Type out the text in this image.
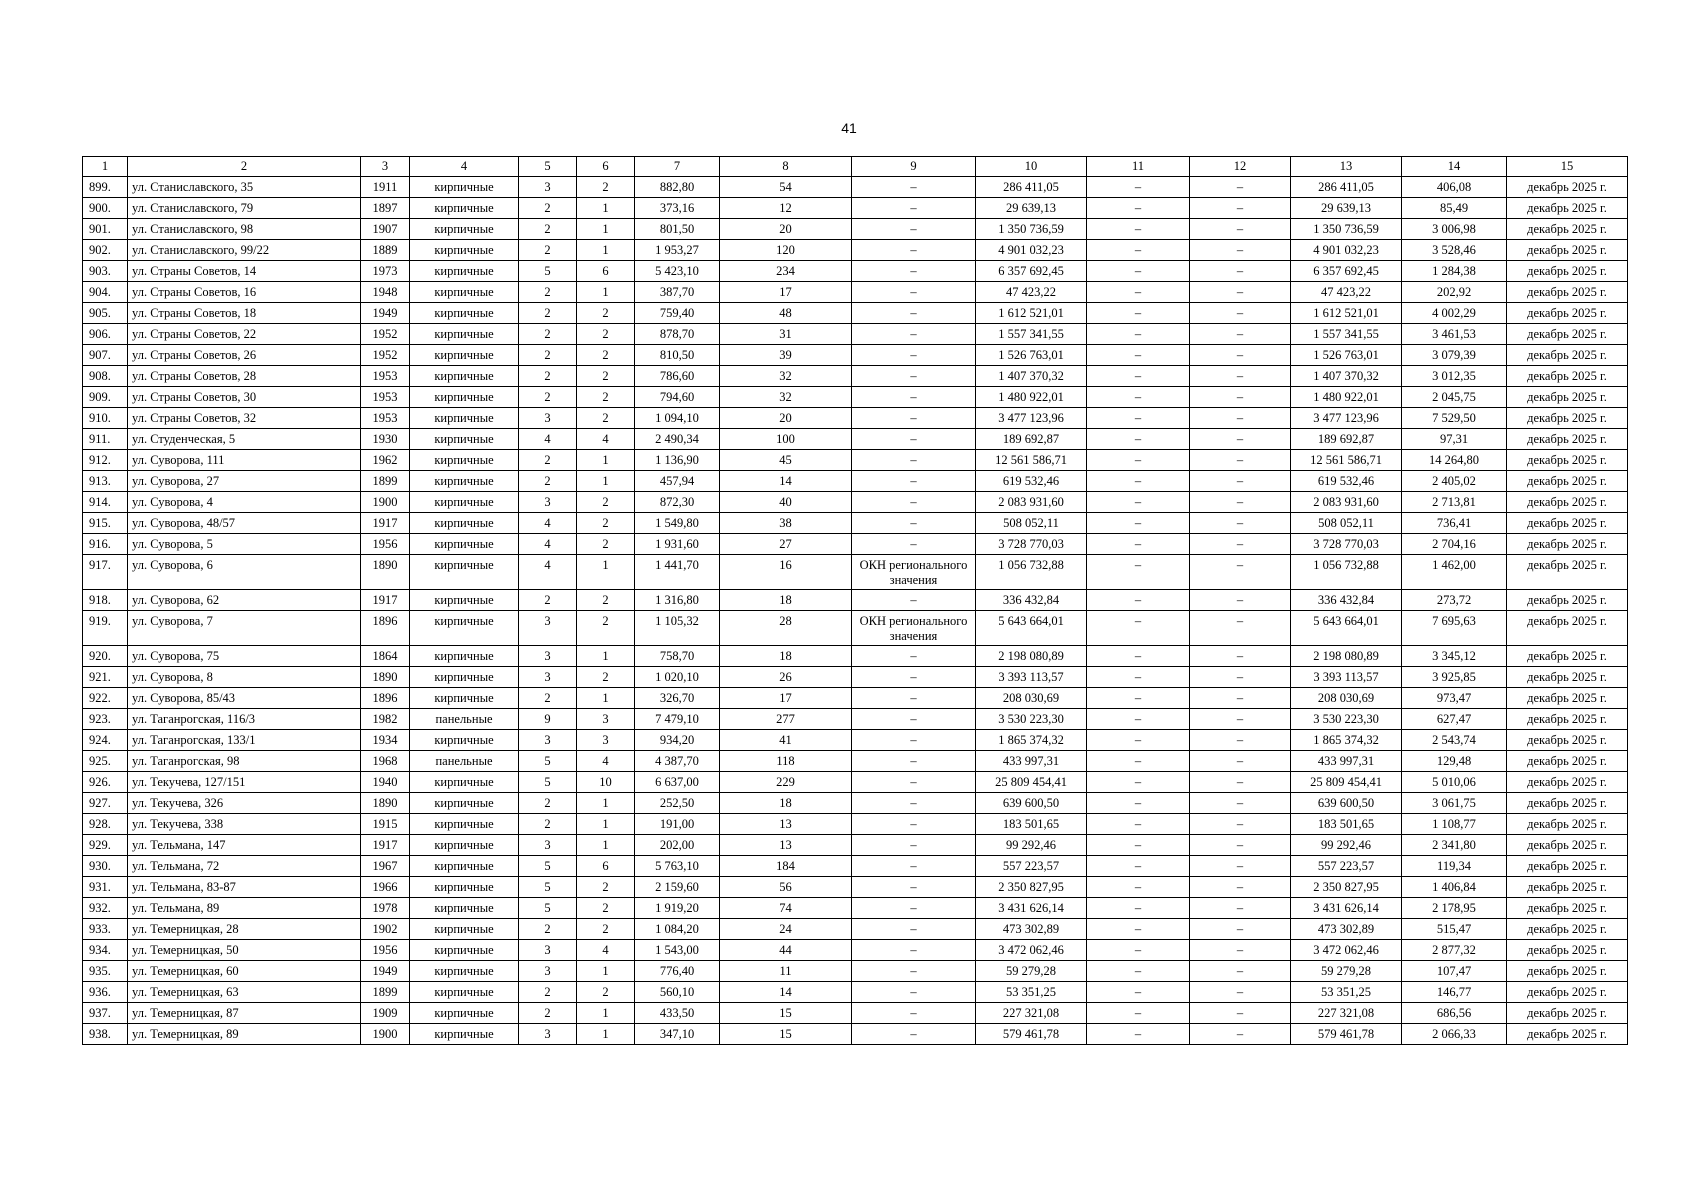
41
1	2	3	4	5	6	7	8	9	10	11	12	13	14	15
899.	ул. Станиславского, 35	1911	кирпичные	3	2	882,80	54	–	286 411,05	–	–	286 411,05	406,08	декабрь 2025 г.
900.	ул. Станиславского, 79	1897	кирпичные	2	1	373,16	12	–	29 639,13	–	–	29 639,13	85,49	декабрь 2025 г.
901.	ул. Станиславского, 98	1907	кирпичные	2	1	801,50	20	–	1 350 736,59	–	–	1 350 736,59	3 006,98	декабрь 2025 г.
902.	ул. Станиславского, 99/22	1889	кирпичные	2	1	1 953,27	120	–	4 901 032,23	–	–	4 901 032,23	3 528,46	декабрь 2025 г.
903.	ул. Страны Советов, 14	1973	кирпичные	5	6	5 423,10	234	–	6 357 692,45	–	–	6 357 692,45	1 284,38	декабрь 2025 г.
904.	ул. Страны Советов, 16	1948	кирпичные	2	1	387,70	17	–	47 423,22	–	–	47 423,22	202,92	декабрь 2025 г.
905.	ул. Страны Советов, 18	1949	кирпичные	2	2	759,40	48	–	1 612 521,01	–	–	1 612 521,01	4 002,29	декабрь 2025 г.
906.	ул. Страны Советов, 22	1952	кирпичные	2	2	878,70	31	–	1 557 341,55	–	–	1 557 341,55	3 461,53	декабрь 2025 г.
907.	ул. Страны Советов, 26	1952	кирпичные	2	2	810,50	39	–	1 526 763,01	–	–	1 526 763,01	3 079,39	декабрь 2025 г.
908.	ул. Страны Советов, 28	1953	кирпичные	2	2	786,60	32	–	1 407 370,32	–	–	1 407 370,32	3 012,35	декабрь 2025 г.
909.	ул. Страны Советов, 30	1953	кирпичные	2	2	794,60	32	–	1 480 922,01	–	–	1 480 922,01	2 045,75	декабрь 2025 г.
910.	ул. Страны Советов, 32	1953	кирпичные	3	2	1 094,10	20	–	3 477 123,96	–	–	3 477 123,96	7 529,50	декабрь 2025 г.
911.	ул. Студенческая, 5	1930	кирпичные	4	4	2 490,34	100	–	189 692,87	–	–	189 692,87	97,31	декабрь 2025 г.
912.	ул. Суворова, 111	1962	кирпичные	2	1	1 136,90	45	–	12 561 586,71	–	–	12 561 586,71	14 264,80	декабрь 2025 г.
913.	ул. Суворова, 27	1899	кирпичные	2	1	457,94	14	–	619 532,46	–	–	619 532,46	2 405,02	декабрь 2025 г.
914.	ул. Суворова, 4	1900	кирпичные	3	2	872,30	40	–	2 083 931,60	–	–	2 083 931,60	2 713,81	декабрь 2025 г.
915.	ул. Суворова, 48/57	1917	кирпичные	4	2	1 549,80	38	–	508 052,11	–	–	508 052,11	736,41	декабрь 2025 г.
916.	ул. Суворова, 5	1956	кирпичные	4	2	1 931,60	27	–	3 728 770,03	–	–	3 728 770,03	2 704,16	декабрь 2025 г.
917.	ул. Суворова, 6	1890	кирпичные	4	1	1 441,70	16	ОКН регионального значения	1 056 732,88	–	–	1 056 732,88	1 462,00	декабрь 2025 г.
918.	ул. Суворова, 62	1917	кирпичные	2	2	1 316,80	18	–	336 432,84	–	–	336 432,84	273,72	декабрь 2025 г.
919.	ул. Суворова, 7	1896	кирпичные	3	2	1 105,32	28	ОКН регионального значения	5 643 664,01	–	–	5 643 664,01	7 695,63	декабрь 2025 г.
920.	ул. Суворова, 75	1864	кирпичные	3	1	758,70	18	–	2 198 080,89	–	–	2 198 080,89	3 345,12	декабрь 2025 г.
921.	ул. Суворова, 8	1890	кирпичные	3	2	1 020,10	26	–	3 393 113,57	–	–	3 393 113,57	3 925,85	декабрь 2025 г.
922.	ул. Суворова, 85/43	1896	кирпичные	2	1	326,70	17	–	208 030,69	–	–	208 030,69	973,47	декабрь 2025 г.
923.	ул. Таганрогская, 116/3	1982	панельные	9	3	7 479,10	277	–	3 530 223,30	–	–	3 530 223,30	627,47	декабрь 2025 г.
924.	ул. Таганрогская, 133/1	1934	кирпичные	3	3	934,20	41	–	1 865 374,32	–	–	1 865 374,32	2 543,74	декабрь 2025 г.
925.	ул. Таганрогская, 98	1968	панельные	5	4	4 387,70	118	–	433 997,31	–	–	433 997,31	129,48	декабрь 2025 г.
926.	ул. Текучева, 127/151	1940	кирпичные	5	10	6 637,00	229	–	25 809 454,41	–	–	25 809 454,41	5 010,06	декабрь 2025 г.
927.	ул. Текучева, 326	1890	кирпичные	2	1	252,50	18	–	639 600,50	–	–	639 600,50	3 061,75	декабрь 2025 г.
928.	ул. Текучева, 338	1915	кирпичные	2	1	191,00	13	–	183 501,65	–	–	183 501,65	1 108,77	декабрь 2025 г.
929.	ул. Тельмана, 147	1917	кирпичные	3	1	202,00	13	–	99 292,46	–	–	99 292,46	2 341,80	декабрь 2025 г.
930.	ул. Тельмана, 72	1967	кирпичные	5	6	5 763,10	184	–	557 223,57	–	–	557 223,57	119,34	декабрь 2025 г.
931.	ул. Тельмана, 83-87	1966	кирпичные	5	2	2 159,60	56	–	2 350 827,95	–	–	2 350 827,95	1 406,84	декабрь 2025 г.
932.	ул. Тельмана, 89	1978	кирпичные	5	2	1 919,20	74	–	3 431 626,14	–	–	3 431 626,14	2 178,95	декабрь 2025 г.
933.	ул. Темерницкая, 28	1902	кирпичные	2	2	1 084,20	24	–	473 302,89	–	–	473 302,89	515,47	декабрь 2025 г.
934.	ул. Темерницкая, 50	1956	кирпичные	3	4	1 543,00	44	–	3 472 062,46	–	–	3 472 062,46	2 877,32	декабрь 2025 г.
935.	ул. Темерницкая, 60	1949	кирпичные	3	1	776,40	11	–	59 279,28	–	–	59 279,28	107,47	декабрь 2025 г.
936.	ул. Темерницкая, 63	1899	кирпичные	2	2	560,10	14	–	53 351,25	–	–	53 351,25	146,77	декабрь 2025 г.
937.	ул. Темерницкая, 87	1909	кирпичные	2	1	433,50	15	–	227 321,08	–	–	227 321,08	686,56	декабрь 2025 г.
938.	ул. Темерницкая, 89	1900	кирпичные	3	1	347,10	15	–	579 461,78	–	–	579 461,78	2 066,33	декабрь 2025 г.
